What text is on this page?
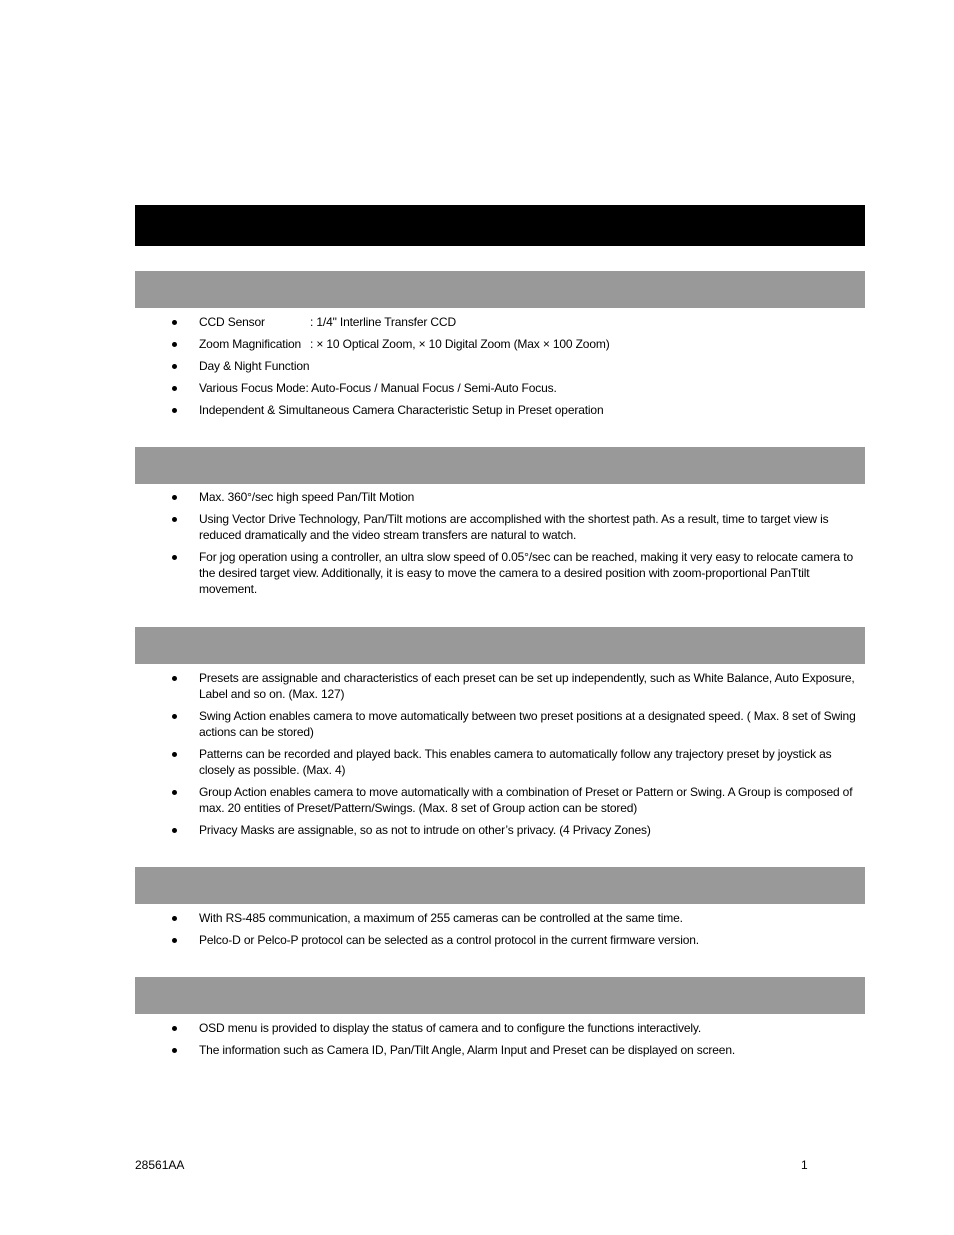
CCD Sensor	: 1/4" Interline Transfer CCD
Zoom Magnification : × 10 Optical Zoom, × 10 Digital Zoom (Max × 100 Zoom)
Day & Night Function
Various Focus Mode: Auto-Focus / Manual Focus / Semi-Auto Focus.
Independent & Simultaneous Camera Characteristic Setup in Preset operation
Max. 360°/sec high speed Pan/Tilt Motion
Using Vector Drive Technology, Pan/Tilt motions are accomplished with the shortest path. As a result, time to target view is reduced dramatically and the video stream transfers are natural to watch.
For jog operation using a controller, an ultra slow speed of 0.05°/sec can be reached, making it very easy to relocate camera to the desired target view. Additionally, it is easy to move the camera to a desired position with zoom-proportional PanTtilt movement.
Presets are assignable and characteristics of each preset can be set up independently, such as White Balance, Auto Exposure, Label and so on. (Max. 127)
Swing Action enables camera to move automatically between two preset positions at a designated speed. ( Max. 8 set of Swing actions can be stored)
Patterns can be recorded and played back. This enables camera to automatically follow any trajectory preset by joystick as closely as possible. (Max. 4)
Group Action enables camera to move automatically with a combination of Preset or Pattern or Swing. A Group is composed of max. 20 entities of Preset/Pattern/Swings. (Max. 8 set of Group action can be stored)
Privacy Masks are assignable, so as not to intrude on other’s privacy. (4 Privacy Zones)
With RS-485 communication, a maximum of 255 cameras can be controlled at the same time.
Pelco-D or Pelco-P protocol can be selected as a control protocol in the current firmware version.
OSD menu is provided to display the status of camera and to configure the functions interactively.
The information such as Camera ID, Pan/Tilt Angle, Alarm Input and Preset can be displayed on screen.
28561AA	1
